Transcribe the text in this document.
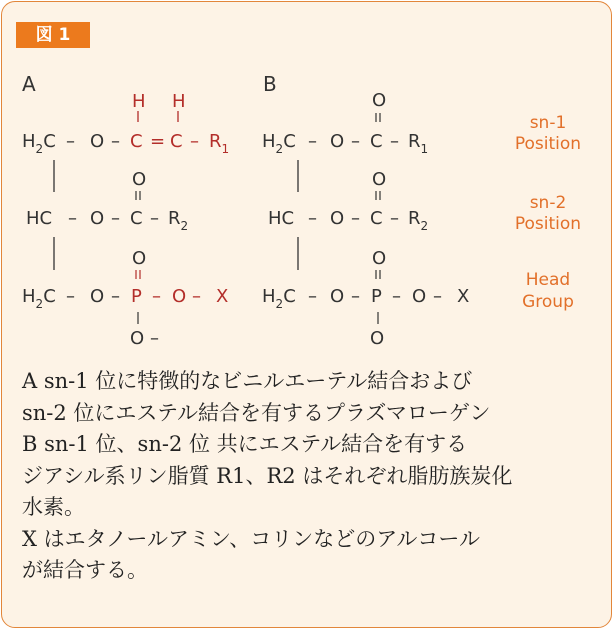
図 1
A
H H
$H_2C - O - C = C - R_1$
O
HC – O – C – $R_2$
O
$H_2C$ – O – P – O – X
O –
B
O
$H_2C$ – O – C – $R_1$
O
HC – O – C – $R_2$
O
$H_2C$ – O – P – O – X
O
sn-1
Position
sn-2
Position
Head
Group
A sn-1 位に特徴的なビニルエーテル結合および
sn-2 位にエステル結合を有するプラズマローゲン
B sn-1 位、sn-2 位 共にエステル結合を有する
ジアシル系リン脂質 R1、R2 はそれぞれ脂肪族炭化
水素。
X はエタノールアミン、コリンなどのアルコール
が結合する。
